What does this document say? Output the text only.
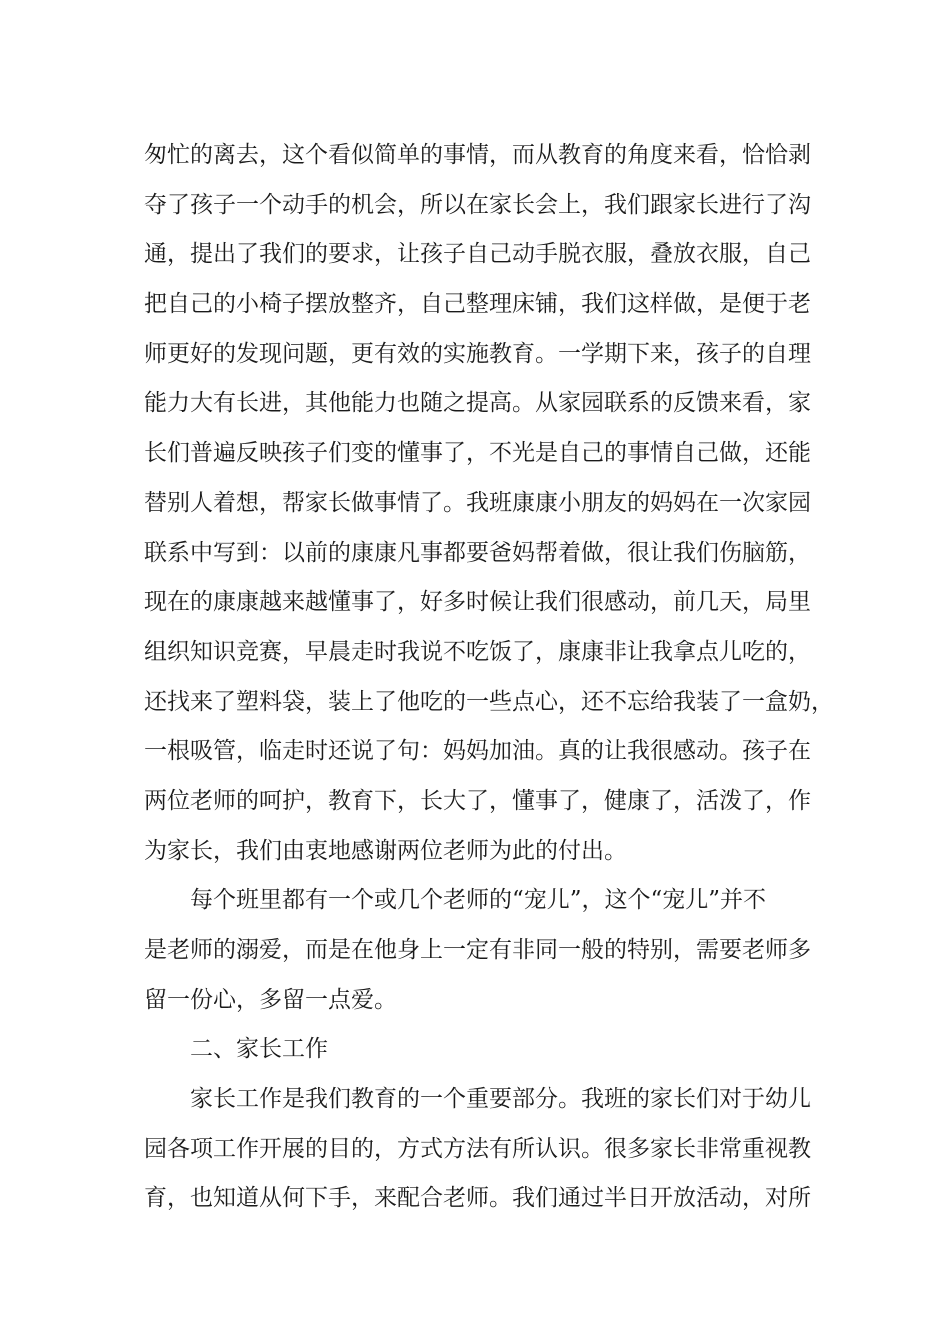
匆忙的离去，这个看似简单的事情，而从教育的角度来看，恰恰剥
夺了孩子一个动手的机会，所以在家长会上，我们跟家长进行了沟
通，提出了我们的要求，让孩子自己动手脱衣服，叠放衣服，自己
把自己的小椅子摆放整齐，自己整理床铺，我们这样做，是便于老
师更好的发现问题，更有效的实施教育。一学期下来，孩子的自理
能力大有长进，其他能力也随之提高。从家园联系的反馈来看，家
长们普遍反映孩子们变的懂事了，不光是自己的事情自己做，还能
替别人着想，帮家长做事情了。我班康康小朋友的妈妈在一次家园
联系中写到：以前的康康凡事都要爸妈帮着做，很让我们伤脑筋，
现在的康康越来越懂事了，好多时候让我们很感动，前几天，局里
组织知识竞赛，早晨走时我说不吃饭了，康康非让我拿点儿吃的，
还找来了塑料袋，装上了他吃的一些点心，还不忘给我装了一盒奶，
一根吸管，临走时还说了句：妈妈加油。真的让我很感动。孩子在
两位老师的呵护，教育下，长大了，懂事了，健康了，活泼了，作
为家长，我们由衷地感谢两位老师为此的付出。
每个班里都有一个或几个老师的“宠儿”，这个“宠儿”并不
是老师的溺爱，而是在他身上一定有非同一般的特别，需要老师多
留一份心，多留一点爱。
二、家长工作
家长工作是我们教育的一个重要部分。我班的家长们对于幼儿
园各项工作开展的目的，方式方法有所认识。很多家长非常重视教
育，也知道从何下手，来配合老师。我们通过半日开放活动，对所
